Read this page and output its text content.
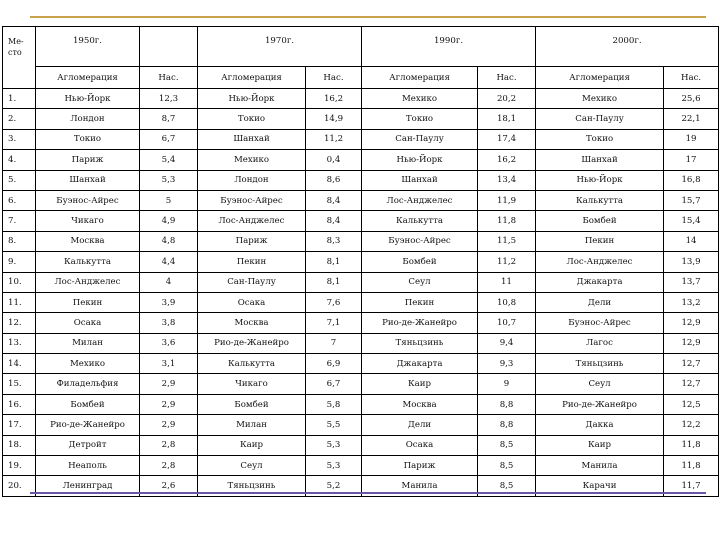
Ме-
сто	1950г.		1970г.		1990г.		2000г.	
	Агломерация	Нас.	Агломерация	Нас.	Агломерация	Нас.	Агломерация	Нас.
1.	Нью-Йорк	12,3	Нью-Йорк	16,2	Мехико	20,2	Мехико	25,6
2.	Лондон	8,7	Токио	14,9	Токио	18,1	Сан-Паулу	22,1
3.	Токио	6,7	Шанхай	11,2	Сан-Паулу	17,4	Токио	19
4.	Париж	5,4	Мехико	0,4	Нью-Йорк	16,2	Шанхай	17
5.	Шанхай	5,3	Лондон	8,6	Шанхай	13,4	Нью-Йорк	16,8
6.	Буэнос-Айрес	5	Буэнос-Айрес	8,4	Лос-Анджелес	11,9	Калькутта	15,7
7.	Чикаго	4,9	Лос-Анджелес	8,4	Калькутта	11,8	Бомбей	15,4
8.	Москва	4,8	Париж	8,3	Буэнос-Айрес	11,5	Пекин	14
9.	Калькутта	4,4	Пекин	8,1	Бомбей	11,2	Лос-Анджелес	13,9
10.	Лос-Анджелес	4	Сан-Паулу	8,1	Сеул	11	Джакарта	13,7
11.	Пекин	3,9	Осака	7,6	Пекин	10,8	Дели	13,2
12.	Осака	3,8	Москва	7,1	Рио-де-Жанейро	10,7	Буэнос-Айрес	12,9
13.	Милан	3,6	Рио-де-Жанейро	7	Тяньцзинь	9,4	Лагос	12,9
14.	Мехико	3,1	Калькутта	6,9	Джакарта	9,3	Тяньцзинь	12,7
15.	Филадельфия	2,9	Чикаго	6,7	Каир	9	Сеул	12,7
16.	Бомбей	2,9	Бомбей	5,8	Москва	8,8	Рио-де-Жанейро	12,5
17.	Рио-де-Жанейро	2,9	Милан	5,5	Дели	8,8	Дакка	12,2
18.	Детройт	2,8	Каир	5,3	Осака	8,5	Каир	11,8
19.	Неаполь	2,8	Сеул	5,3	Париж	8,5	Манила	11,8
20.	Ленинград	2,6	Тяньцзинь	5,2	Манила	8,5	Карачи	11,7
